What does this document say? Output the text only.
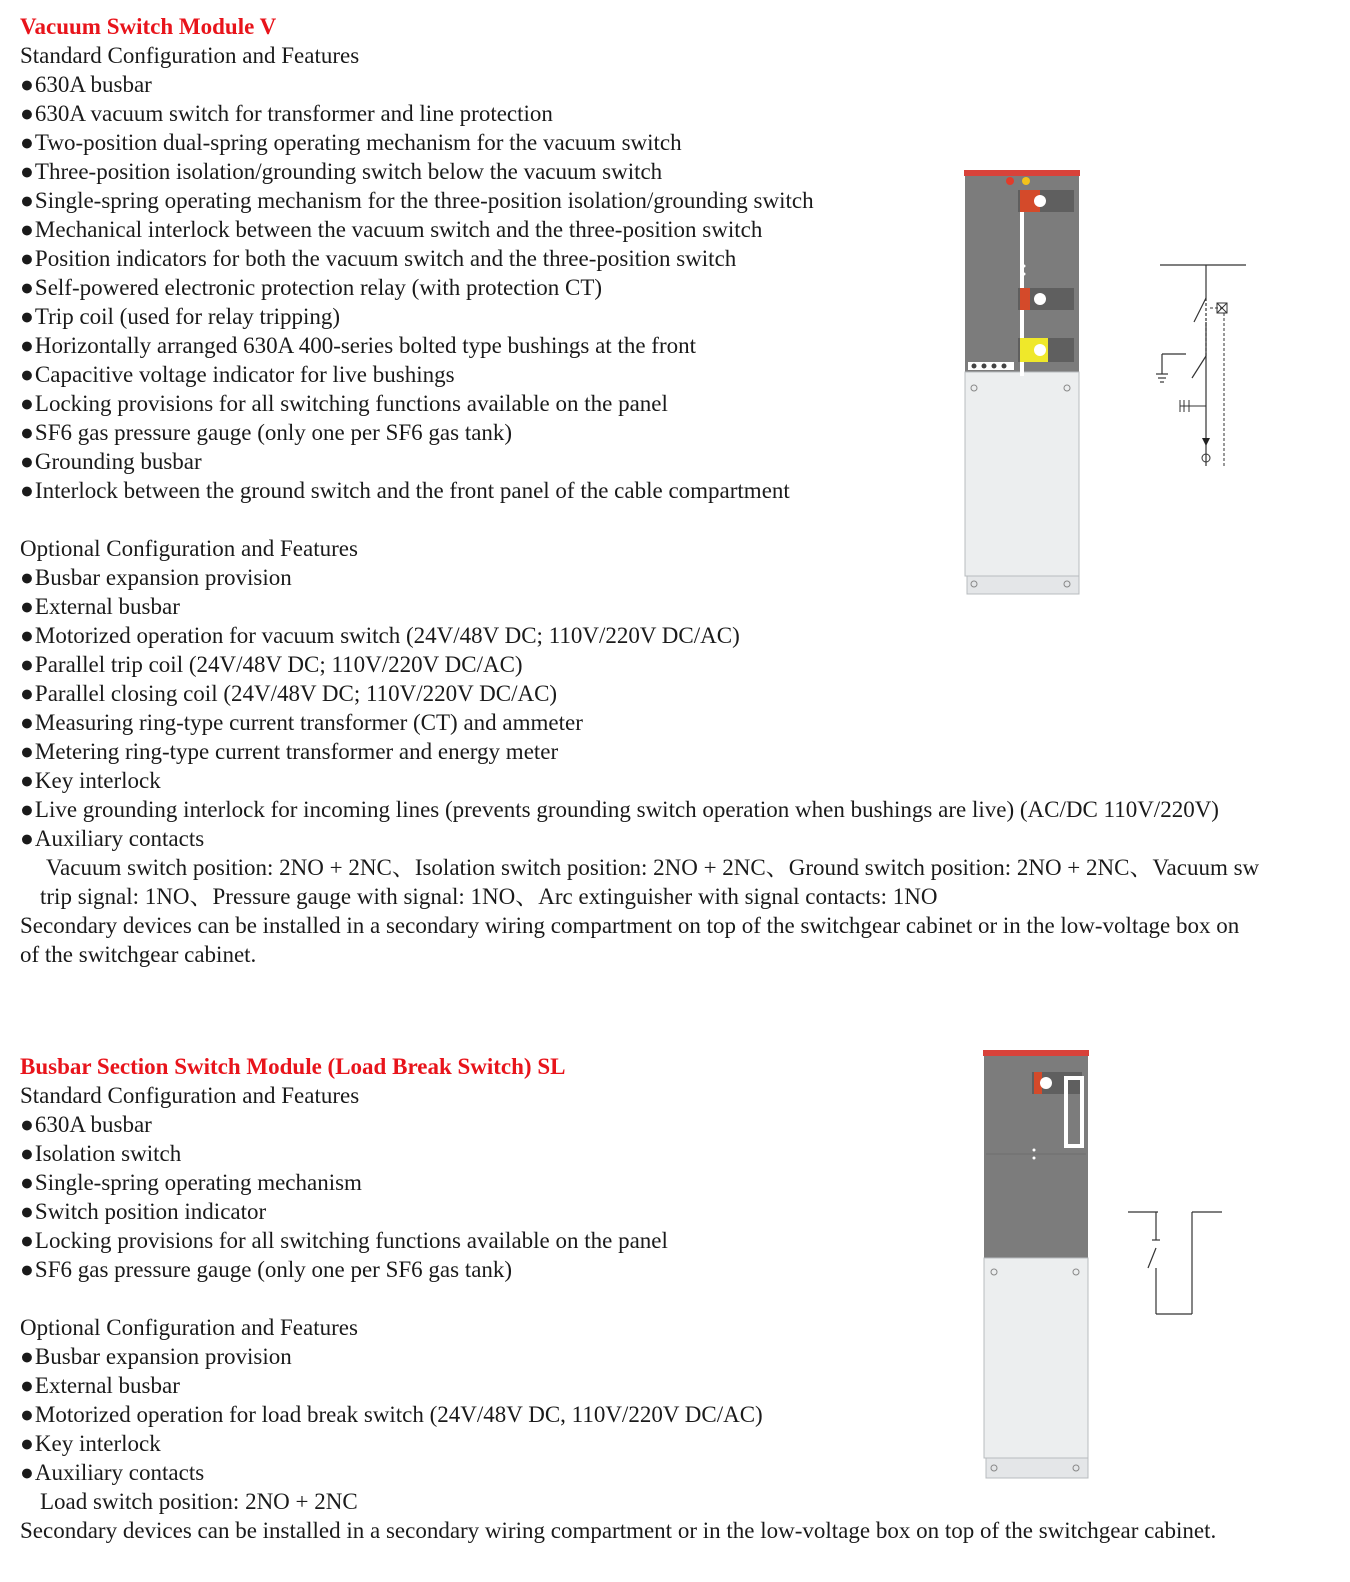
Vacuum Switch Module V
Standard Configuration and Features
● 630A busbar
● 630A vacuum switch for transformer and line protection
● Two-position dual-spring operating mechanism for the vacuum switch
● Three-position isolation/grounding switch below the vacuum switch
● Single-spring operating mechanism for the three-position isolation/grounding switch
● Mechanical interlock between the vacuum switch and the three-position switch
● Position indicators for both the vacuum switch and the three-position switch
● Self-powered electronic protection relay (with protection CT)
● Trip coil (used for relay tripping)
● Horizontally arranged 630A 400-series bolted type bushings at the front
● Capacitive voltage indicator for live bushings
● Locking provisions for all switching functions available on the panel
● SF6 gas pressure gauge (only one per SF6 gas tank)
● Grounding busbar
● Interlock between the ground switch and the front panel of the cable compartment
Optional Configuration and Features
● Busbar expansion provision
● External busbar
● Motorized operation for vacuum switch (24V/48V DC; 110V/220V DC/AC)
● Parallel trip coil (24V/48V DC; 110V/220V DC/AC)
● Parallel closing coil (24V/48V DC; 110V/220V DC/AC)
● Measuring ring-type current transformer (CT) and ammeter
● Metering ring-type current transformer and energy meter
● Key interlock
● Live grounding interlock for incoming lines (prevents grounding switch operation when bushings are live) (AC/DC 110V/220V)
● Auxiliary contacts
Vacuum switch position: 2NO + 2NC、Isolation switch position: 2NO + 2NC、Ground switch position: 2NO + 2NC、Vacuum sw
trip signal: 1NO、Pressure gauge with signal: 1NO、Arc extinguisher with signal contacts: 1NO
Secondary devices can be installed in a secondary wiring compartment on top of the switchgear cabinet or in the low-voltage box on
of the switchgear cabinet.
Busbar Section Switch Module (Load Break Switch) SL
Standard Configuration and Features
● 630A busbar
● Isolation switch
● Single-spring operating mechanism
● Switch position indicator
● Locking provisions for all switching functions available on the panel
● SF6 gas pressure gauge (only one per SF6 gas tank)
Optional Configuration and Features
● Busbar expansion provision
● External busbar
● Motorized operation for load break switch (24V/48V DC, 110V/220V DC/AC)
● Key interlock
● Auxiliary contacts
Load switch position: 2NO + 2NC
Secondary devices can be installed in a secondary wiring compartment or in the low-voltage box on top of the switchgear cabinet.
